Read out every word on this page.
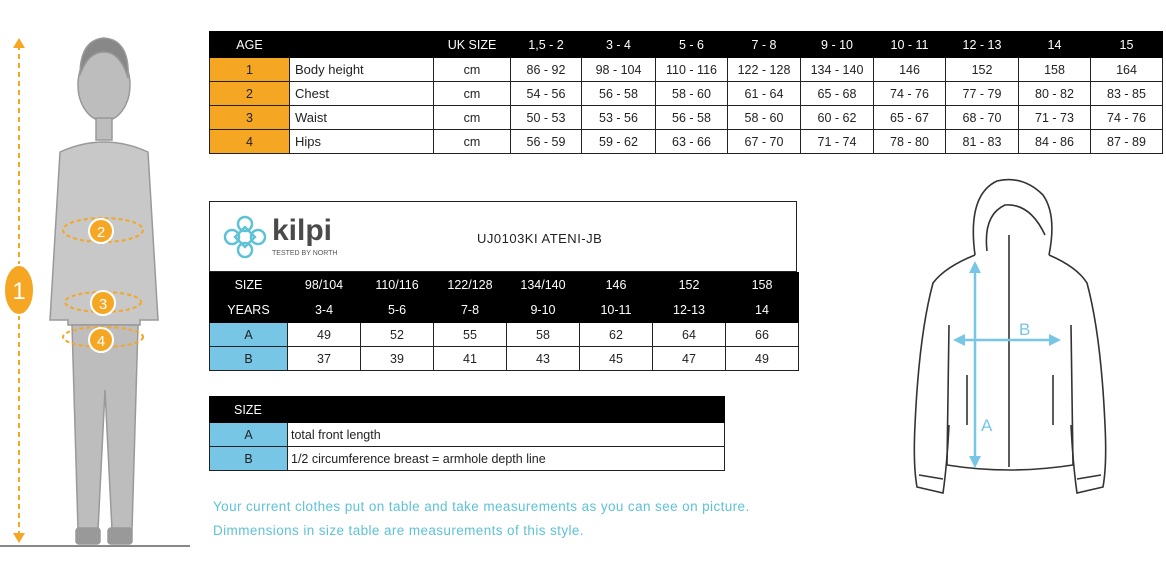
1
2
3
4
AGE		UK SIZE	1,5 - 2	3 - 4	5 - 6	7 - 8	9 - 10	10 - 11	12 - 13	14	15
1	Body height	cm	86 - 92	98 - 104	110 - 116	122 - 128	134 - 140	146	152	158	164
2	Chest	cm	54 - 56	56 - 58	58 - 60	61 - 64	65 - 68	74 - 76	77 - 79	80 - 82	83 - 85
3	Waist	cm	50 - 53	53 - 56	56 - 58	58 - 60	60 - 62	65 - 67	68 - 70	71 - 73	74 - 76
4	Hips	cm	56 - 59	59 - 62	63 - 66	67 - 70	71 - 74	78 - 80	81 - 83	84 - 86	87 - 89
kilpi
TESTED BY NORTH
UJ0103KI ATENI-JB
SIZE	98/104	110/116	122/128	134/140	146	152	158
YEARS	3-4	5-6	7-8	9-10	10-11	12-13	14
A	49	52	55	58	62	64	66
B	37	39	41	43	45	47	49
SIZE	
A	total front length
B	1/2 circumference breast = armhole depth line
Your current clothes put on table and take measurements as you can see on picture.
Dimmensions in size table are measurements of this style.
A
B
